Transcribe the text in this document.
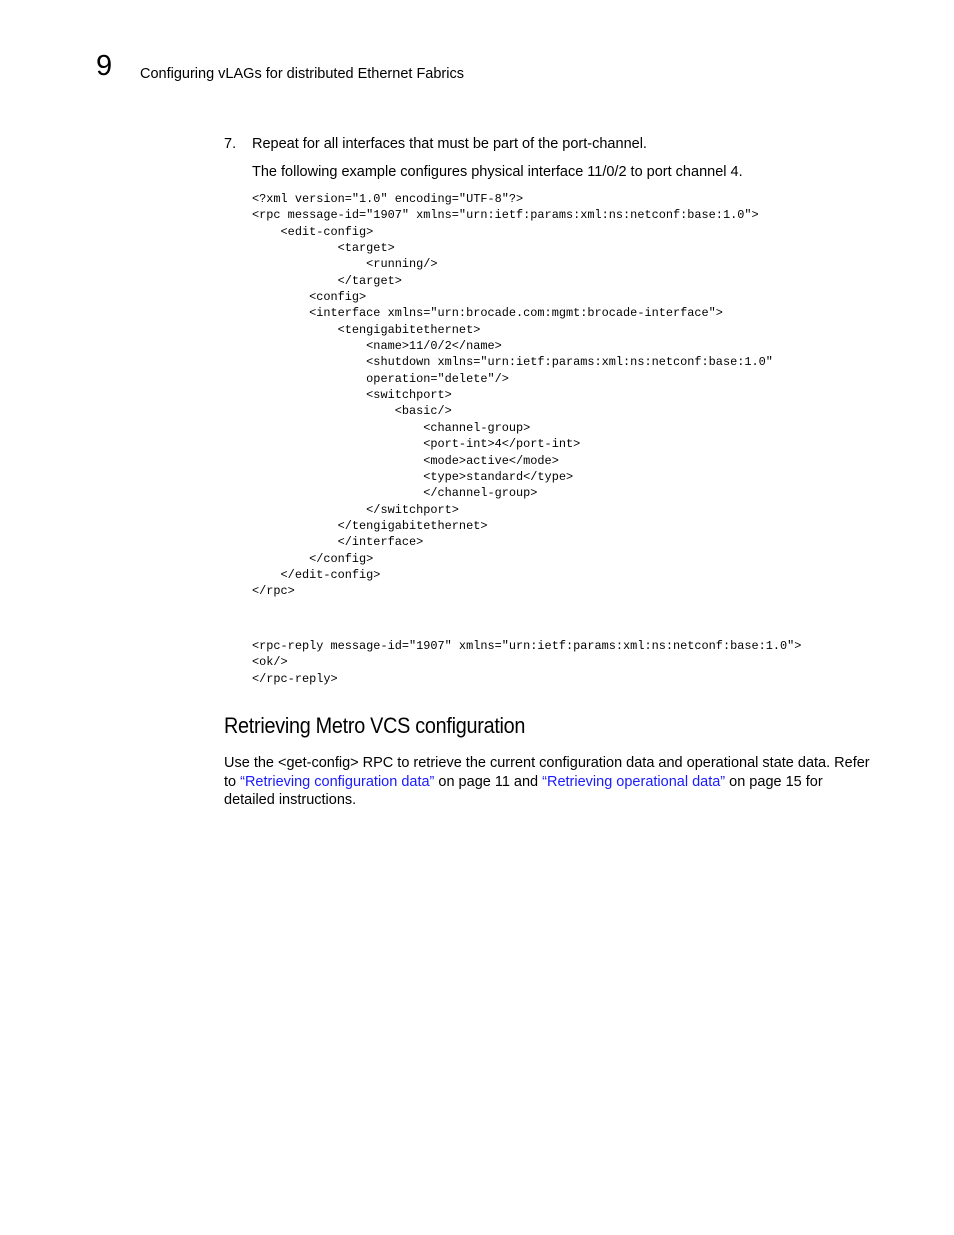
9 Configuring vLAGs for distributed Ethernet Fabrics
7. Repeat for all interfaces that must be part of the port-channel.
The following example configures physical interface 11/0/2 to port channel 4.
<?xml version="1.0" encoding="UTF-8"?>
<rpc message-id="1907" xmlns="urn:ietf:params:xml:ns:netconf:base:1.0">
<edit-config>
<target>
<running/>
</target>
<config>
<interface xmlns="urn:brocade.com:mgmt:brocade-interface">
<tengigabitethernet>
<name>11/0/2</name>
<shutdown xmlns="urn:ietf:params:xml:ns:netconf:base:1.0"
operation="delete"/>
<switchport>
<basic/>
<channel-group>
<port-int>4</port-int>
<mode>active</mode>
<type>standard</type>
</channel-group>
</switchport>
</tengigabitethernet>
</interface>
</config>
</edit-config>
</rpc>
<rpc-reply message-id="1907" xmlns="urn:ietf:params:xml:ns:netconf:base:1.0">
<ok/>
</rpc-reply>
Retrieving Metro VCS configuration

Use the <get-config> RPC to retrieve the current configuration data and operational state data. Refer to “Retrieving configuration data” on page 11 and “Retrieving operational data” on page 15 for detailed instructions.
